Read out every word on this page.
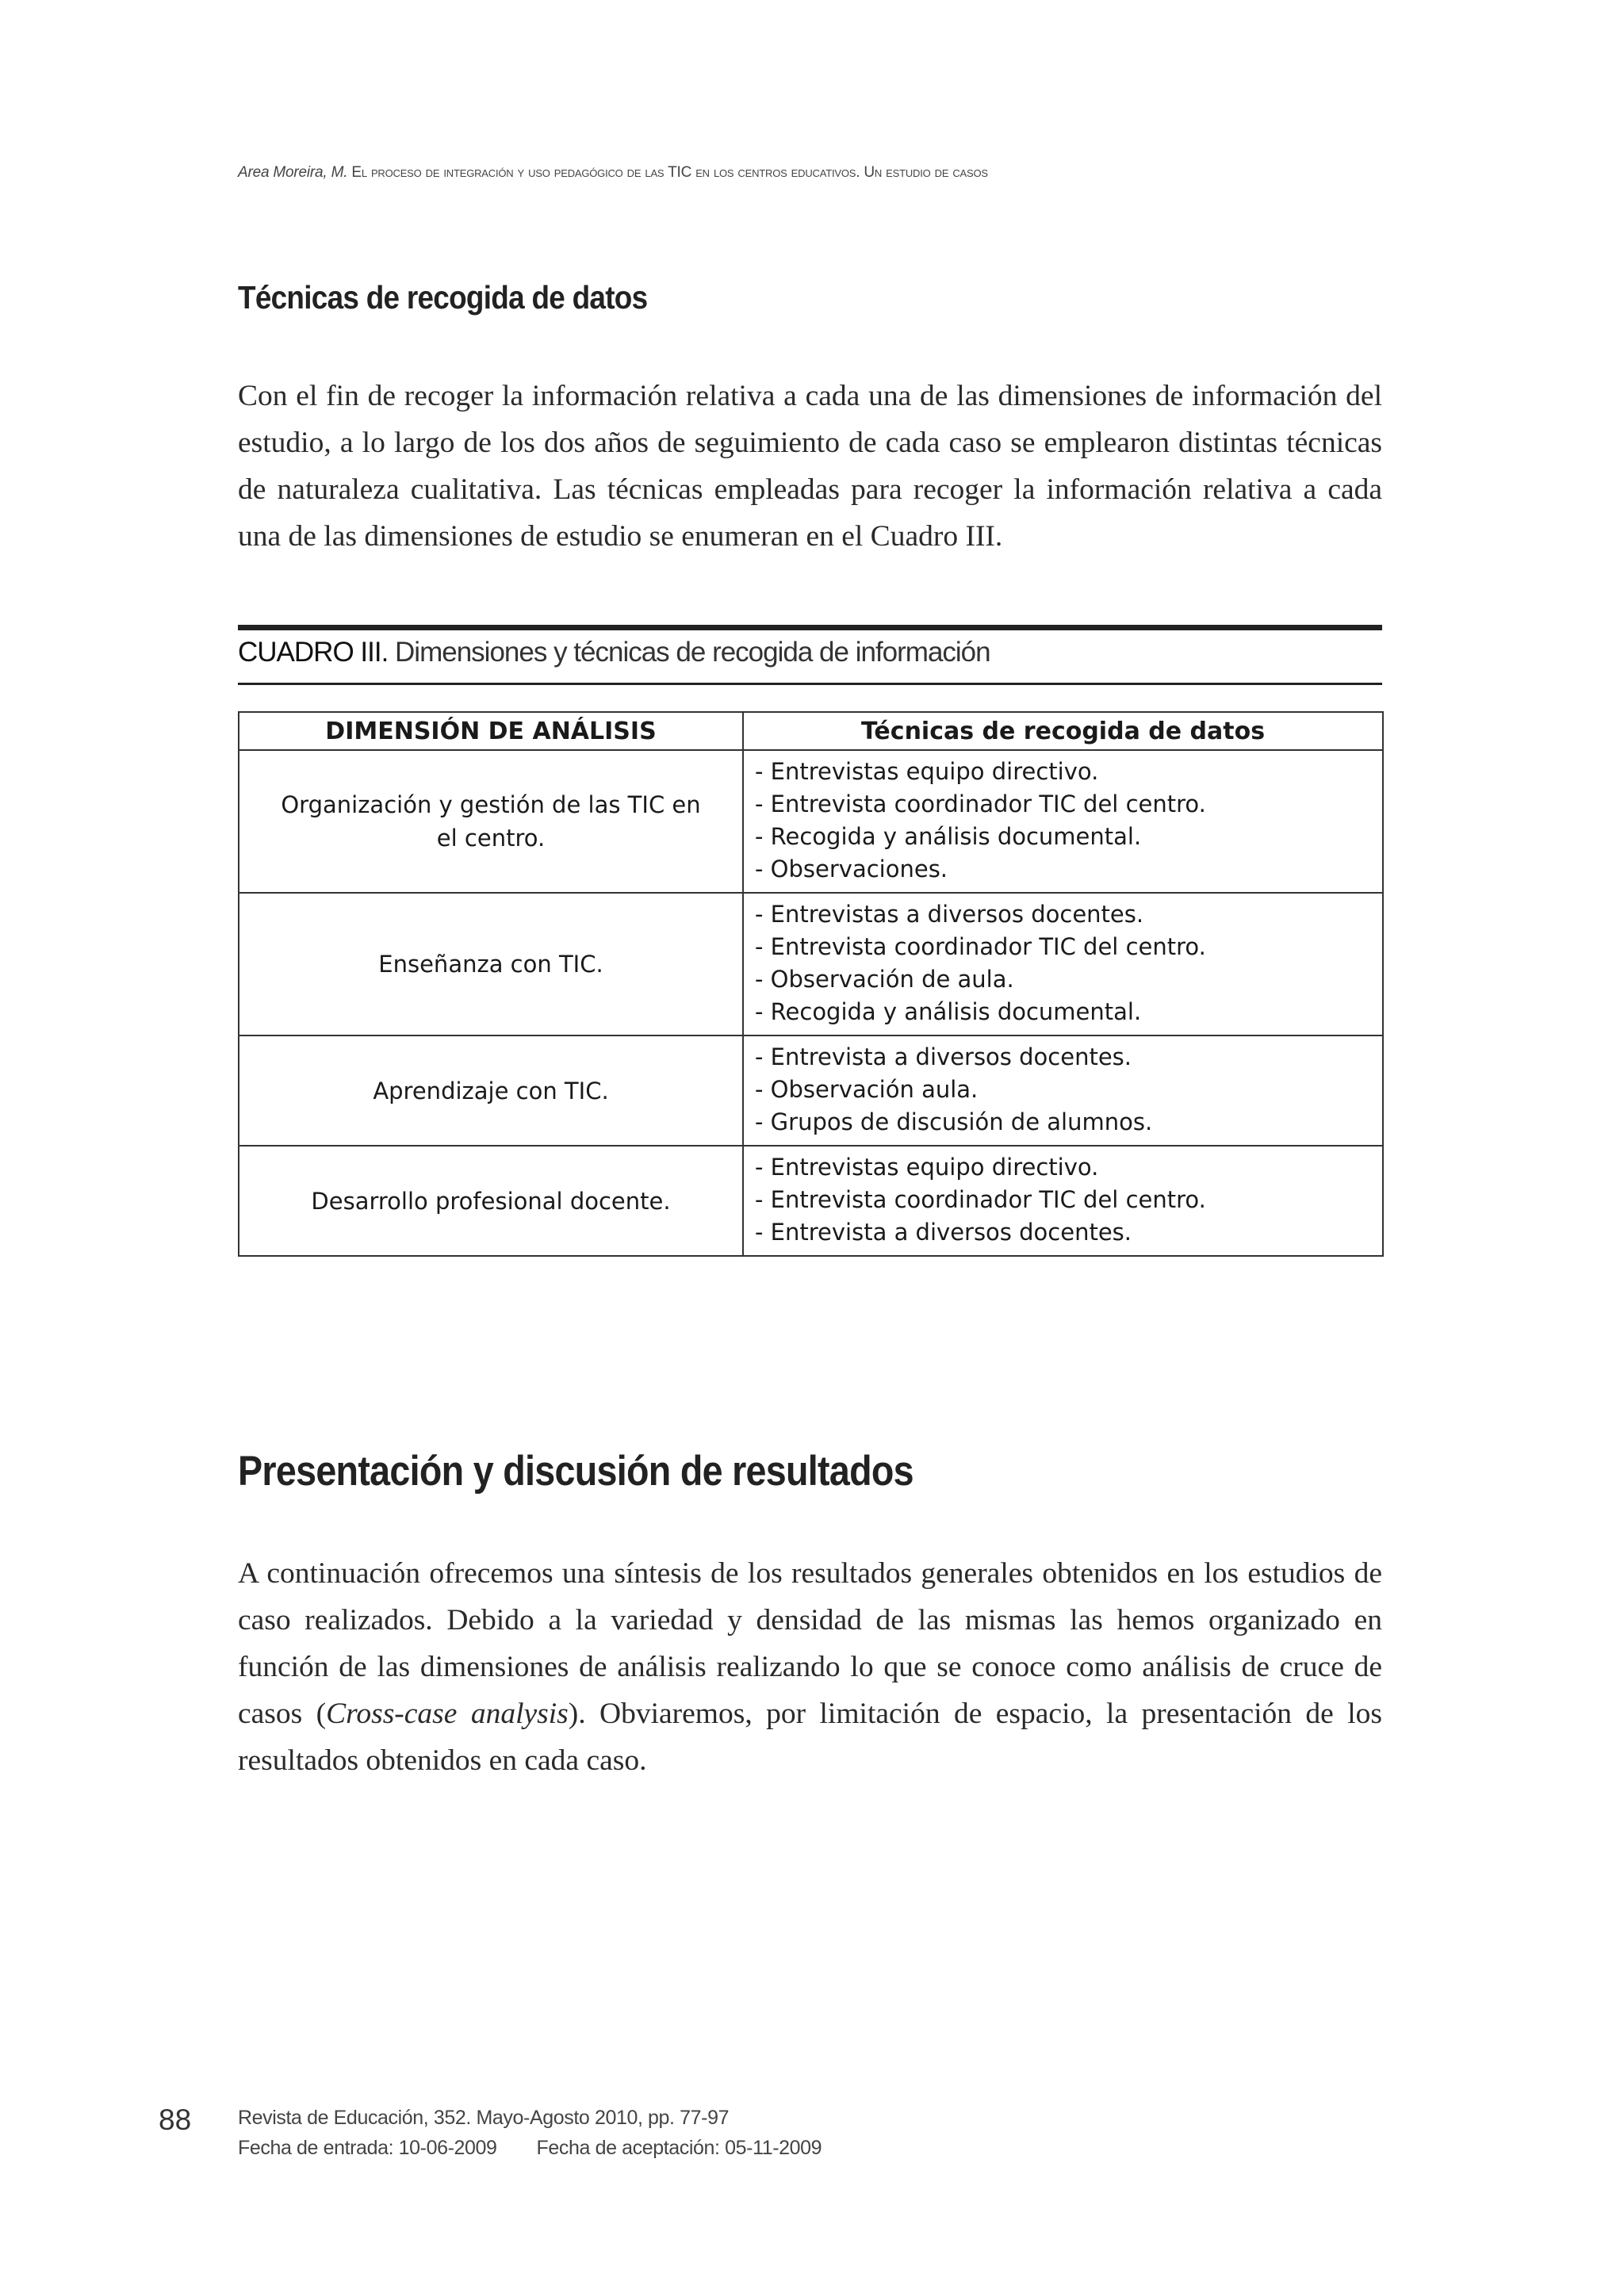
Area Moreira, M. El proceso de integración y uso pedagógico de las TIC en los centros educativos. Un estudio de casos
Técnicas de recogida de datos

Con el fin de recoger la información relativa a cada una de las dimensiones de información del estudio, a lo largo de los dos años de seguimiento de cada caso se emplearon distintas técnicas de naturaleza cualitativa. Las técnicas empleadas para recoger la información relativa a cada una de las dimensiones de estudio se enumeran en el Cuadro III.

CUADRO III. Dimensiones y técnicas de recogida de información
DIMENSIÓN DE ANÁLISIS	Técnicas de recogida de datos
Organización y gestión de las TIC en el centro.	- Entrevistas equipo directivo.
- Entrevista coordinador TIC del centro.
- Recogida y análisis documental.
- Observaciones.

Enseñanza con TIC.	- Entrevistas a diversos docentes.
- Entrevista coordinador TIC del centro.
- Observación de aula.
- Recogida y análisis documental.

Aprendizaje con TIC.	- Entrevista a diversos docentes.
- Observación aula.
- Grupos de discusión de alumnos.

Desarrollo profesional docente.	- Entrevistas equipo directivo.
- Entrevista coordinador TIC del centro.
- Entrevista a diversos docentes.
Presentación y discusión de resultados

A continuación ofrecemos una síntesis de los resultados generales obtenidos en los estudios de caso realizados. Debido a la variedad y densidad de las mismas las hemos organizado en función de las dimensiones de análisis realizando lo que se conoce como análisis de cruce de casos (Cross-case analysis). Obviaremos, por limitación de espacio, la presentación de los resultados obtenidos en cada caso.

88 Revista de Educación, 352. Mayo-Agosto 2010, pp. 77-97
Fecha de entrada: 10-06-2009 Fecha de aceptación: 05-11-2009
